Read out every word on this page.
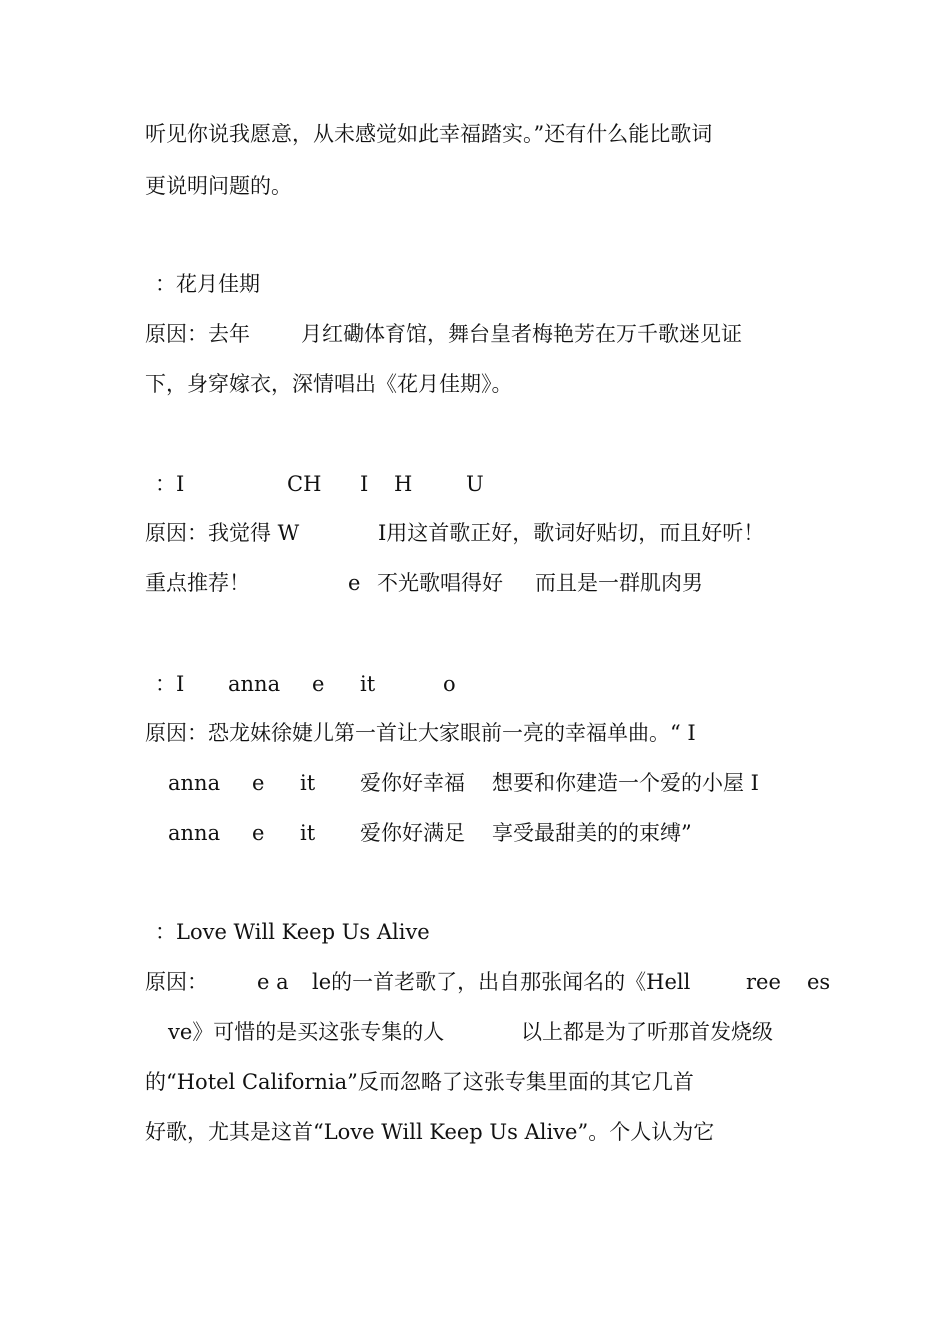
听见你说我愿意，从未感觉如此幸福踏实。”还有什么能比歌词

更说明问题的。

：花月佳期

原因：去年

月红磡体育馆，舞台皇者梅艳芳在万千歌迷见证

下，身穿嫁衣，深情唱出《花月佳期》。

：I

	CH

I

H

	U

原因：我觉得 W

	I用这首歌正好，歌词好贴切，而且好听！

重点推荐！

	e

不光歌唱得好

而且是一群肌肉男

：I

anna

e

it

	o

原因：恐龙妹徐婕儿第一首让大家眼前一亮的幸福单曲。“ I

anna

e

it

爱你好幸福

想要和你建造一个爱的小屋 I

anna

e

it

爱你好满足

享受最甜美的的束缚”

：Love Will Keep Us Alive

原因：

e a

le的一首老歌了，出自那张闻名的《Hell

	ree

es

ve》可惜的是买这张专集的人

	以上都是为了听那首发烧级

的“Hotel California”反而忽略了这张专集里面的其它几首

好歌，尤其是这首“Love Will Keep Us Alive”。个人认为它
